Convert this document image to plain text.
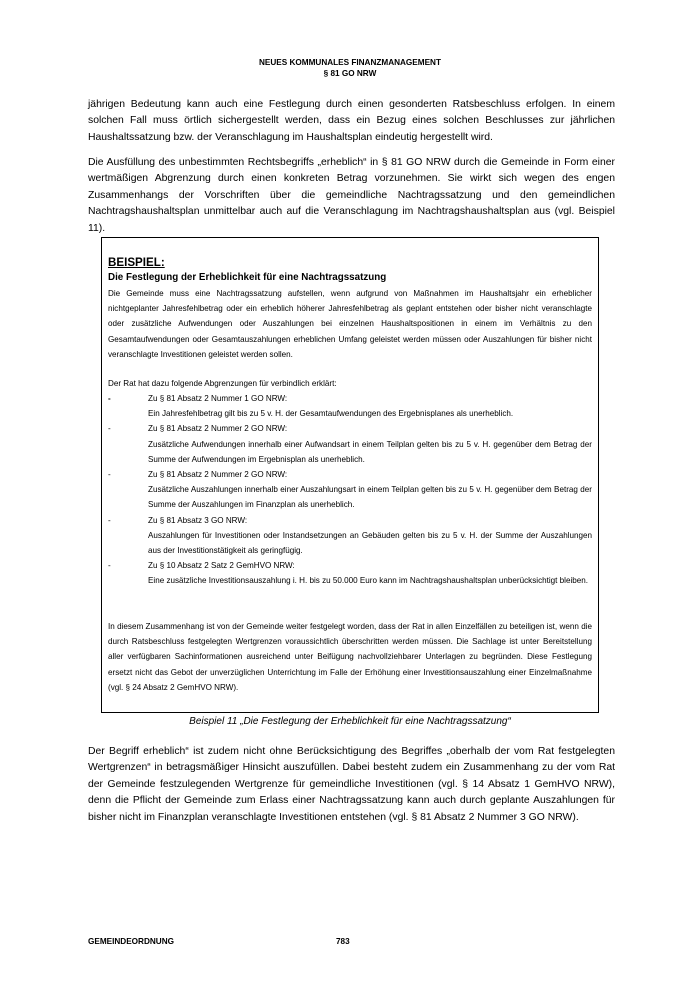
NEUES KOMMUNALES FINANZMANAGEMENT
§ 81 GO NRW

jährigen Bedeutung kann auch eine Festlegung durch einen gesonderten Ratsbeschluss erfolgen. In einem solchen Fall muss örtlich sichergestellt werden, dass ein Bezug eines solchen Beschlusses zur jährlichen Haushaltssatzung bzw. der Veranschlagung im Haushaltsplan eindeutig hergestellt wird.

Die Ausfüllung des unbestimmten Rechtsbegriffs „erheblich“ in § 81 GO NRW durch die Gemeinde in Form einer wertmäßigen Abgrenzung durch einen konkreten Betrag vorzunehmen. Sie wirkt sich wegen des engen Zusammenhangs der Vorschriften über die gemeindliche Nachtragssatzung und den gemeindlichen Nachtragshaushaltsplan unmittelbar auch auf die Veranschlagung im Nachtragshaushaltsplan aus (vgl. Beispiel 11).

BEISPIEL:

Die Festlegung der Erheblichkeit für eine Nachtragssatzung

Die Gemeinde muss eine Nachtragssatzung aufstellen, wenn aufgrund von Maßnahmen im Haushaltsjahr ein erheblicher nichtgeplanter Jahresfehlbetrag oder ein erheblich höherer Jahresfehlbetrag als geplant entstehen oder bisher nicht veranschlagte oder zusätzliche Aufwendungen oder Auszahlungen bei einzelnen Haushaltspositionen in einem im Verhältnis zu den Gesamtaufwendungen oder Gesamtauszahlungen erheblichen Umfang geleistet werden müssen oder Auszahlungen für bisher nicht veranschlagte Investitionen geleistet werden sollen.

Der Rat hat dazu folgende Abgrenzungen für verbindlich erklärt:

-	Zu § 81 Absatz 2 Nummer 1 GO NRW:
Ein Jahresfehlbetrag gilt bis zu 5 v. H. der Gesamtaufwendungen des Ergebnisplanes als unerheblich.
-	Zu § 81 Absatz 2 Nummer 2 GO NRW:
Zusätzliche Aufwendungen innerhalb einer Aufwandsart in einem Teilplan gelten bis zu 5 v. H. gegenüber dem Betrag der Summe der Aufwendungen im Ergebnisplan als unerheblich.
-	Zu § 81 Absatz 2 Nummer 2 GO NRW:
Zusätzliche Auszahlungen innerhalb einer Auszahlungsart in einem Teilplan gelten bis zu 5 v. H. gegenüber dem Betrag der Summe der Auszahlungen im Finanzplan als unerheblich.
-	Zu § 81 Absatz 3 GO NRW:
Auszahlungen für Investitionen oder Instandsetzungen an Gebäuden gelten bis zu 5 v. H. der Summe der Auszahlungen aus der Investitionstätigkeit als geringfügig.
-	Zu § 10 Absatz 2 Satz 2 GemHVO NRW:
Eine zusätzliche Investitionsauszahlung i. H. bis zu 50.000 Euro kann im Nachtragshaushaltsplan unberücksichtigt bleiben.

In diesem Zusammenhang ist von der Gemeinde weiter festgelegt worden, dass der Rat in allen Einzelfällen zu beteiligen ist, wenn die durch Ratsbeschluss festgelegten Wertgrenzen voraussichtlich überschritten werden müssen. Die Sachlage ist unter Bereitstellung aller verfügbaren Sachinformationen ausreichend unter Beifügung nachvollziehbarer Unterlagen zu begründen. Diese Festlegung ersetzt nicht das Gebot der unverzüglichen Unterrichtung im Falle der Erhöhung einer Investitionsauszahlung einer Einzelmaßnahme (vgl. § 24 Absatz 2 GemHVO NRW).

Beispiel 11 „Die Festlegung der Erheblichkeit für eine Nachtragssatzung“

Der Begriff erheblich“ ist zudem nicht ohne Berücksichtigung des Begriffes „oberhalb der vom Rat festgelegten Wertgrenzen“ in betragsmäßiger Hinsicht auszufüllen. Dabei besteht zudem ein Zusammenhang zu der vom Rat der Gemeinde festzulegenden Wertgrenze für gemeindliche Investitionen (vgl. § 14 Absatz 1 GemHVO NRW), denn die Pflicht der Gemeinde zum Erlass einer Nachtragssatzung kann auch durch geplante Auszahlungen für bisher nicht im Finanzplan veranschlagte Investitionen entstehen (vgl. § 81 Absatz 2 Nummer 3 GO NRW).

GEMEINDEORDNUNG	783
